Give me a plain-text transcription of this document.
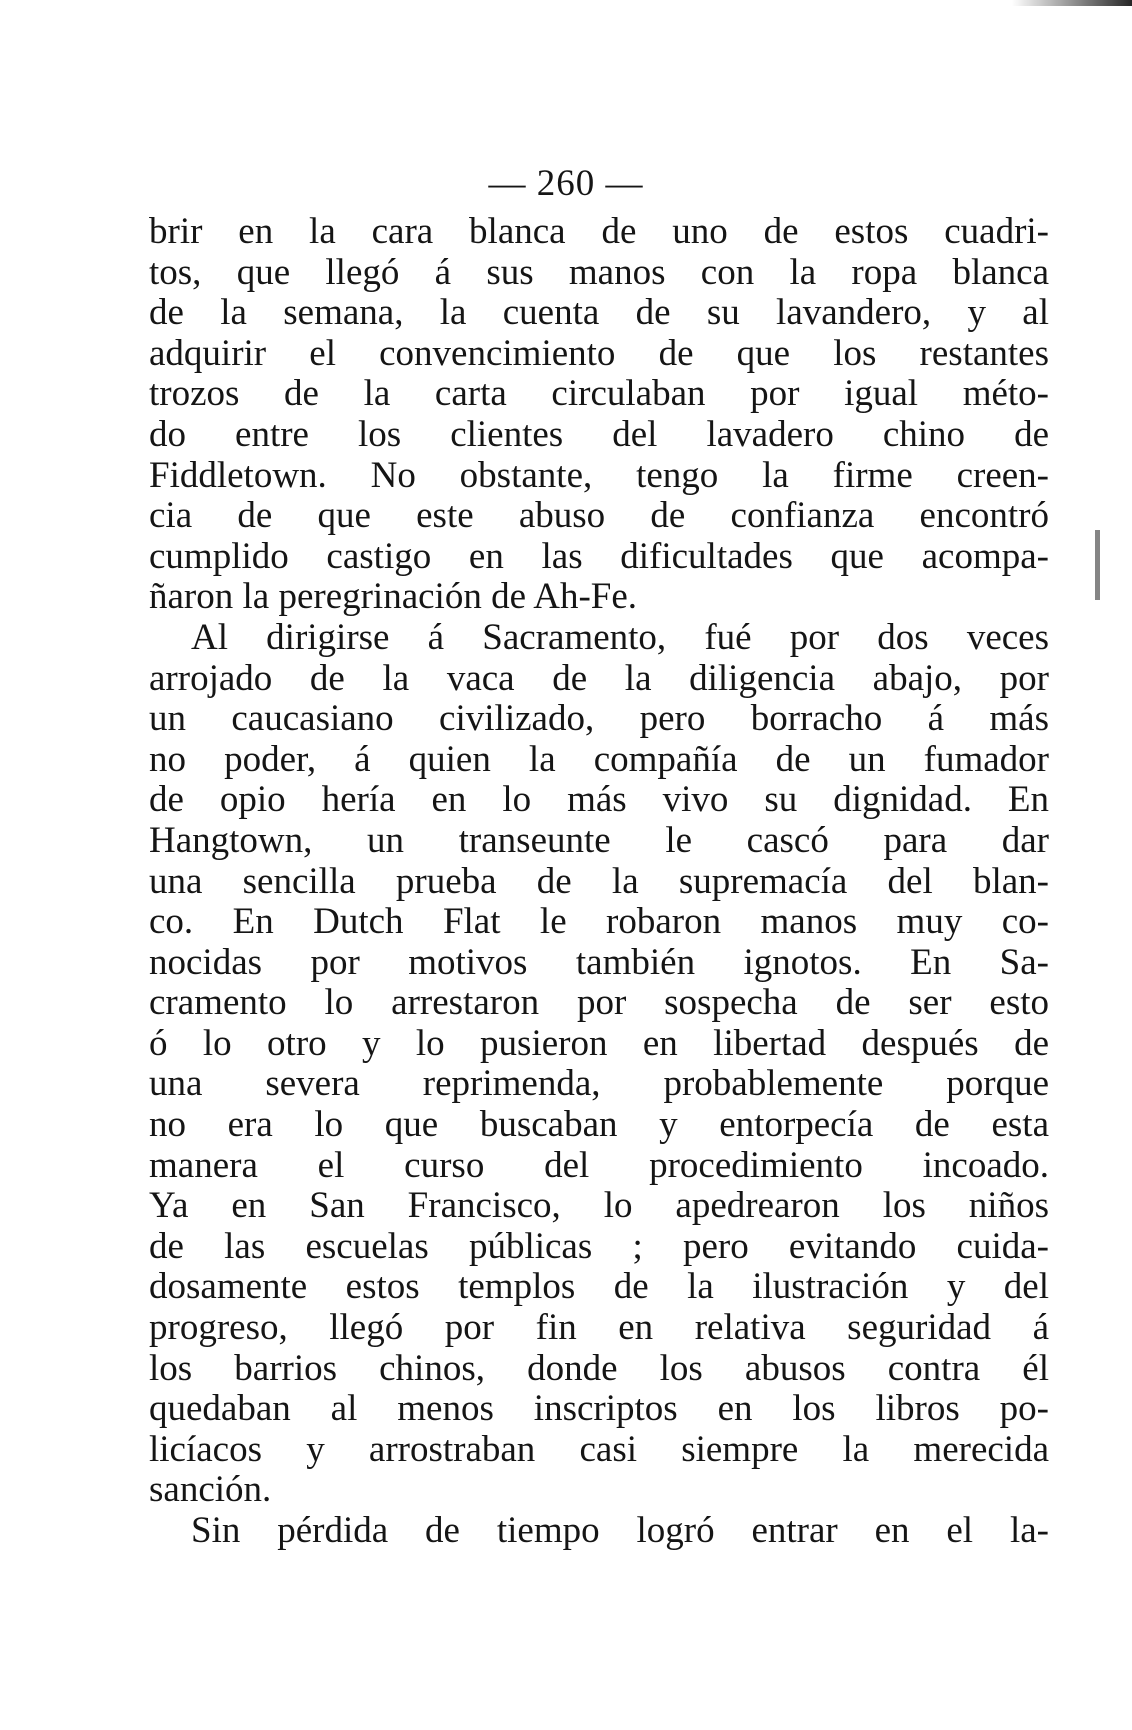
— 260 —
brir en la cara blanca de uno de estos cuadri-
tos, que llegó á sus manos con la ropa blanca
de la semana, la cuenta de su lavandero, y al
adquirir el convencimiento de que los restantes
trozos de la carta circulaban por igual méto-
do entre los clientes del lavadero chino de
Fiddletown. No obstante, tengo la firme creen-
cia de que este abuso de confianza encontró
cumplido castigo en las dificultades que acompa-
ñaron la peregrinación de Ah-Fe.
Al dirigirse á Sacramento, fué por dos veces
arrojado de la vaca de la diligencia abajo, por
un caucasiano civilizado, pero borracho á más
no poder, á quien la compañía de un fumador
de opio hería en lo más vivo su dignidad. En
Hangtown, un transeunte le cascó para dar
una sencilla prueba de la supremacía del blan-
co. En Dutch Flat le robaron manos muy co-
nocidas por motivos también ignotos. En Sa-
cramento lo arrestaron por sospecha de ser esto
ó lo otro y lo pusieron en libertad después de
una severa reprimenda, probablemente porque
no era lo que buscaban y entorpecía de esta
manera el curso del procedimiento incoado.
Ya en San Francisco, lo apedrearon los niños
de las escuelas públicas ; pero evitando cuida-
dosamente estos templos de la ilustración y del
progreso, llegó por fin en relativa seguridad á
los barrios chinos, donde los abusos contra él
quedaban al menos inscriptos en los libros po-
licíacos y arrostraban casi siempre la merecida
sanción.
Sin pérdida de tiempo logró entrar en el la-
